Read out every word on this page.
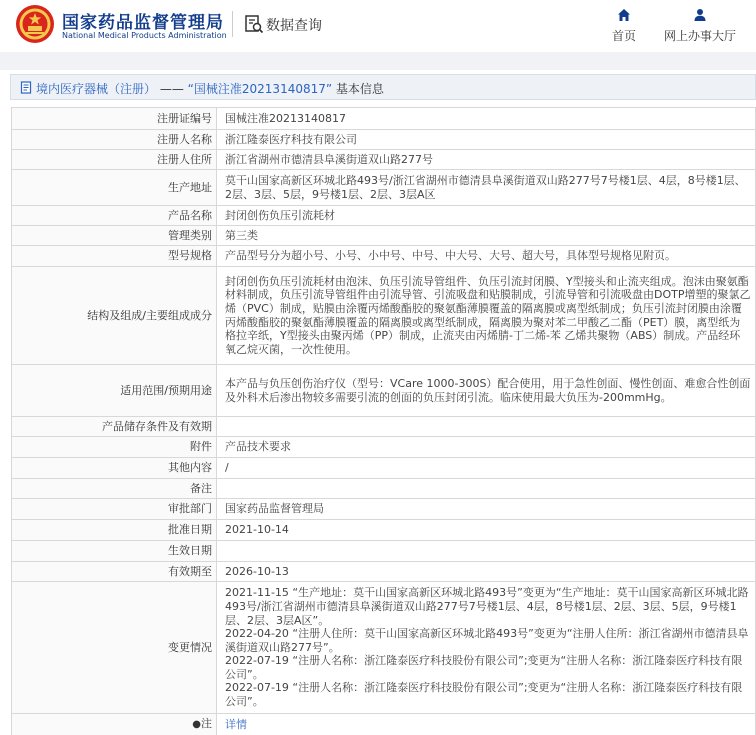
国家药品监督管理局
National Medical Products Administration
数据查询
首页	网上办事大厅
境内医疗器械（注册） —— “国械注准20213140817” 基本信息
注册证编号	国械注准20213140817
注册人名称	浙江隆泰医疗科技有限公司
注册人住所	浙江省湖州市德清县阜溪街道双山路277号
生产地址	莫干山国家高新区环城北路493号/浙江省湖州市德清县阜溪街道双山路277号7号楼1层、4层，8号楼1层、2层、3层、5层，9号楼1层、2层、3层A区
产品名称	封闭创伤负压引流耗材
管理类别	第三类
型号规格	产品型号分为超小号、小号、小中号、中号、中大号、大号、超大号，具体型号规格见附页。
结构及组成/主要组成成分	封闭创伤负压引流耗材由泡沫、负压引流导管组件、负压引流封闭膜、Y型接头和止流夹组成。泡沫由聚氨酯材料制成，负压引流导管组件由引流导管、引流吸盘和贴膜制成，引流导管和引流吸盘由DOTP增塑的聚氯乙烯（PVC）制成，贴膜由涂覆丙烯酸酯胶的聚氨酯薄膜覆盖的隔离膜或离型纸制成；负压引流封闭膜由涂覆丙烯酸酯胶的聚氨酯薄膜覆盖的隔离膜或离型纸制成，隔离膜为聚对苯二甲酸乙二酯（PET）膜，离型纸为格拉辛纸，Y型接头由聚丙烯（PP）制成，止流夹由丙烯腈-丁二烯-苯 乙烯共聚物（ABS）制成。产品经环氧乙烷灭菌，一次性使用。
适用范围/预期用途	本产品与负压创伤治疗仪（型号：VCare 1000-300S）配合使用，用于急性创面、慢性创面、难愈合性创面及外科术后渗出物较多需要引流的创面的负压封闭引流。临床使用最大负压为-200mmHg。
产品储存条件及有效期	
附件	产品技术要求
其他内容	/
备注	
审批部门	国家药品监督管理局
批准日期	2021-10-14
生效日期	
有效期至	2026-10-13
变更情况	2021-11-15 “生产地址：莫干山国家高新区环城北路493号”变更为“生产地址：莫干山国家高新区环城北路493号/浙江省湖州市德清县阜溪街道双山路277号7号楼1层、4层，8号楼1层、2层、3层、5层，9号楼1层、2层、3层A区”。

2022-04-20 “注册人住所：莫干山国家高新区环城北路493号”变更为“注册人住所：浙江省湖州市德清县阜溪街道双山路277号”。

2022-07-19 “注册人名称：浙江隆泰医疗科技股份有限公司”;变更为“注册人名称：浙江隆泰医疗科技有限公司”。

2022-07-19 “注册人名称：浙江隆泰医疗科技股份有限公司”;变更为“注册人名称：浙江隆泰医疗科技有限公司”。

●注	详情
